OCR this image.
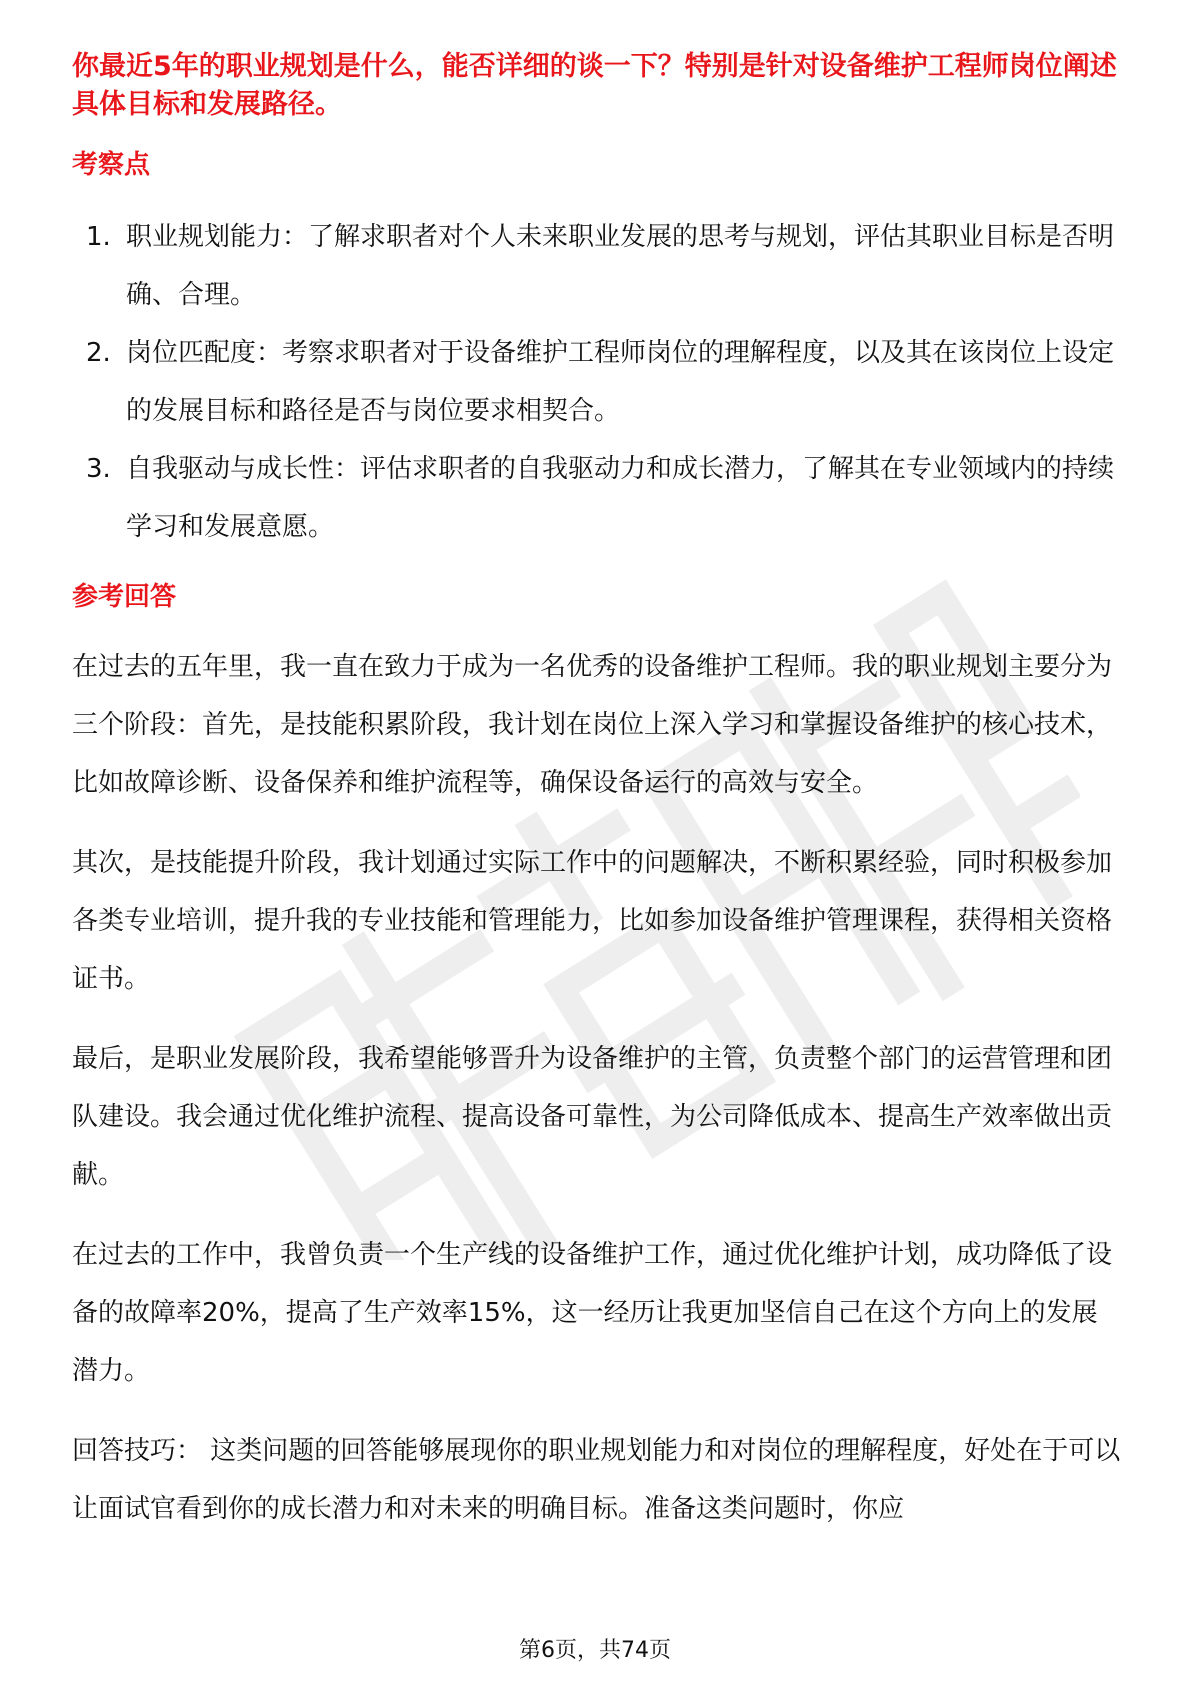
你最近5年的职业规划是什么，能否详细的谈一下？特别是针对设备维护工程师岗位阐述具体目标和发展路径。

考察点
1. 职业规划能力：了解求职者对个人未来职业发展的思考与规划，评估其职业目标是否明确、合理。
2. 岗位匹配度：考察求职者对于设备维护工程师岗位的理解程度，以及其在该岗位上设定的发展目标和路径是否与岗位要求相契合。
3. 自我驱动与成长性：评估求职者的自我驱动力和成长潜力，了解其在专业领域内的持续学习和发展意愿。
参考回答

在过去的五年里，我一直在致力于成为一名优秀的设备维护工程师。我的职业规划主要分为三个阶段：首先，是技能积累阶段，我计划在岗位上深入学习和掌握设备维护的核心技术，比如故障诊断、设备保养和维护流程等，确保设备运行的高效与安全。

其次，是技能提升阶段，我计划通过实际工作中的问题解决，不断积累经验，同时积极参加各类专业培训，提升我的专业技能和管理能力，比如参加设备维护管理课程，获得相关资格证书。

最后，是职业发展阶段，我希望能够晋升为设备维护的主管，负责整个部门的运营管理和团队建设。我会通过优化维护流程、提高设备可靠性，为公司降低成本、提高生产效率做出贡献。

在过去的工作中，我曾负责一个生产线的设备维护工作，通过优化维护计划，成功降低了设备的故障率20%，提高了生产效率15%，这一经历让我更加坚信自己在这个方向上的发展潜力。

回答技巧： 这类问题的回答能够展现你的职业规划能力和对岗位的理解程度，好处在于可以让面试官看到你的成长潜力和对未来的明确目标。准备这类问题时，你应

第6页，共74页
